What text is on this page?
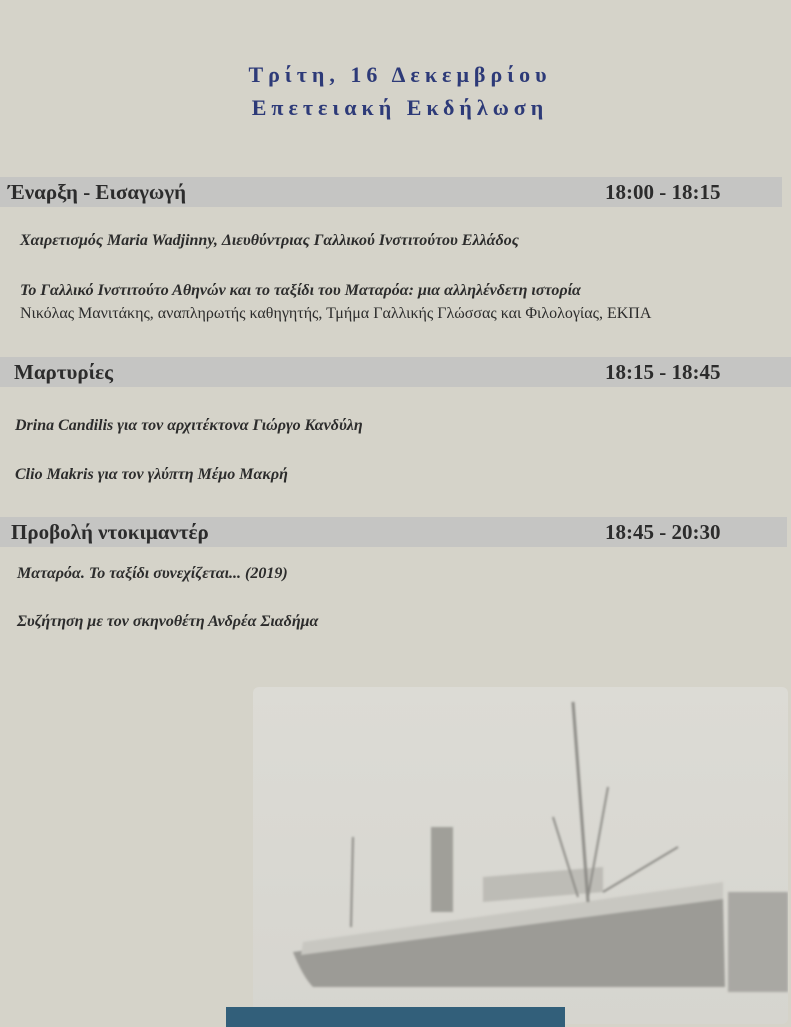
Τρίτη, 16 Δεκεμβρίου
Επετειακή Εκδήλωση
Έναρξη - Εισαγωγή	18:00 - 18:15
Χαιρετισμός Maria Wadjinny, Διευθύντριας Γαλλικού Ινστιτούτου Ελλάδος
Το Γαλλικό Ινστιτούτο Αθηνών και το ταξίδι του Ματαρόα: μια αλληλένδετη ιστορία
Νικόλας Μανιτάκης, αναπληρωτής καθηγητής, Τμήμα Γαλλικής Γλώσσας και Φιλολογίας, ΕΚΠΑ
Μαρτυρίες	18:15 - 18:45
Drina Candilis για τον αρχιτέκτονα Γιώργο Κανδύλη
Clio Makris για τον γλύπτη Μέμο Μακρή
Προβολή ντοκιμαντέρ	18:45 - 20:30
Ματαρόα. Το ταξίδι συνεχίζεται... (2019)
Συζήτηση με τον σκηνοθέτη Ανδρέα Σιαδήμα
